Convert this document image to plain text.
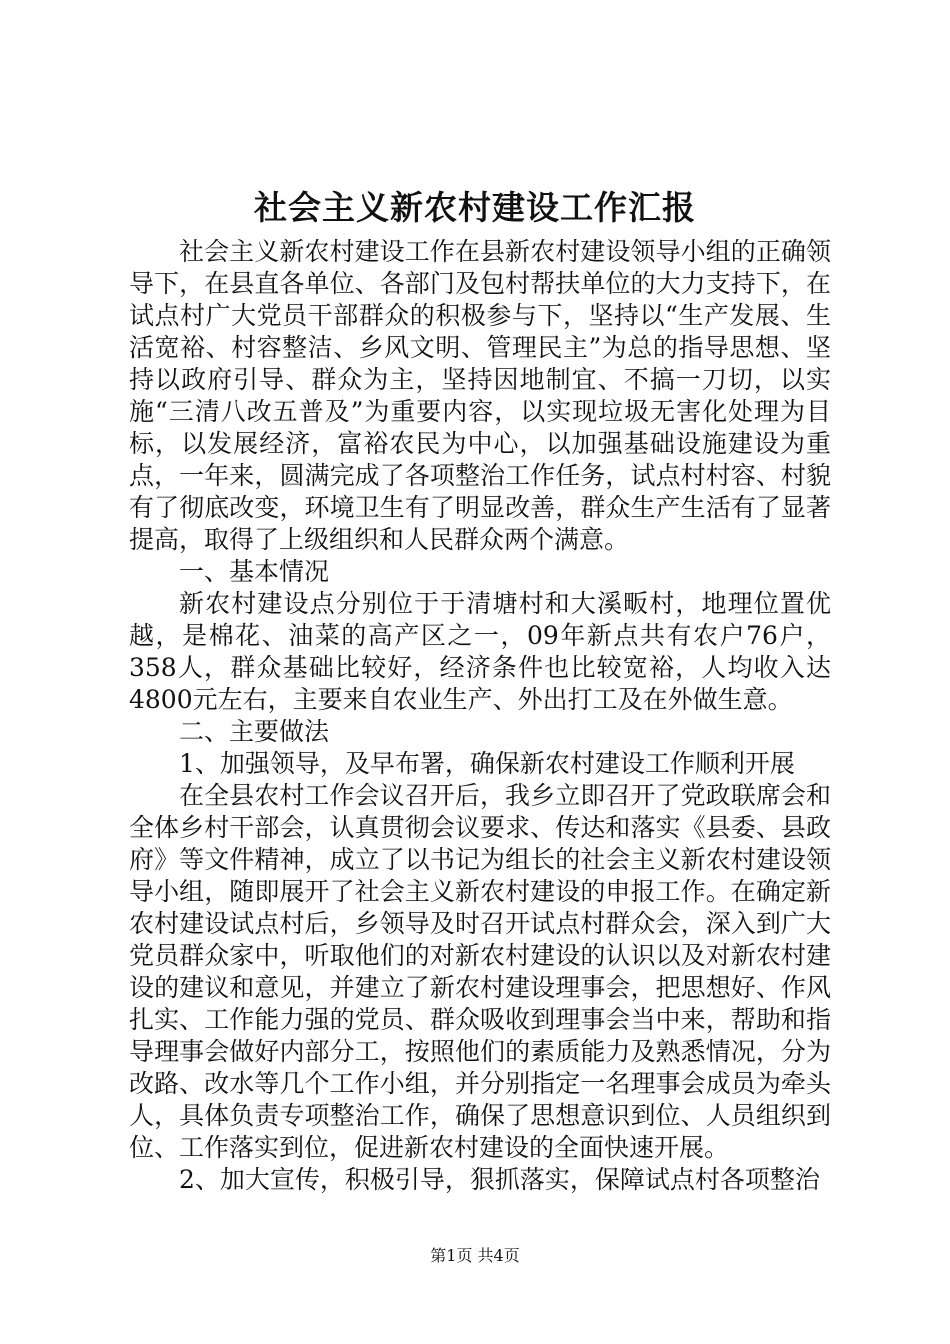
社会主义新农村建设工作汇报

社会主义新农村建设工作在县新农村建设领导小组的正确领导下，在县直各单位、各部门及包村帮扶单位的大力支持下，在试点村广大党员干部群众的积极参与下，坚持以“生产发展、生活宽裕、村容整洁、乡风文明、管理民主”为总的指导思想、坚持以政府引导、群众为主，坚持因地制宜、不搞一刀切，以实施“三清八改五普及”为重要内容，以实现垃圾无害化处理为目标，以发展经济，富裕农民为中心，以加强基础设施建设为重点，一年来，圆满完成了各项整治工作任务，试点村村容、村貌有了彻底改变，环境卫生有了明显改善，群众生产生活有了显著提高，取得了上级组织和人民群众两个满意。

一、基本情况

新农村建设点分别位于于清塘村和大溪畈村，地理位置优越，是棉花、油菜的高产区之一，09年新点共有农户76户，358人，群众基础比较好，经济条件也比较宽裕，人均收入达4800元左右，主要来自农业生产、外出打工及在外做生意。

二、主要做法

1、加强领导，及早布署，确保新农村建设工作顺利开展

在全县农村工作会议召开后，我乡立即召开了党政联席会和全体乡村干部会，认真贯彻会议要求、传达和落实《县委、县政府》等文件精神，成立了以书记为组长的社会主义新农村建设领导小组，随即展开了社会主义新农村建设的申报工作。在确定新农村建设试点村后，乡领导及时召开试点村群众会，深入到广大党员群众家中，听取他们的对新农村建设的认识以及对新农村建设的建议和意见，并建立了新农村建设理事会，把思想好、作风扎实、工作能力强的党员、群众吸收到理事会当中来，帮助和指导理事会做好内部分工，按照他们的素质能力及熟悉情况，分为改路、改水等几个工作小组，并分别指定一名理事会成员为牵头人，具体负责专项整治工作，确保了思想意识到位、人员组织到位、工作落实到位，促进新农村建设的全面快速开展。

2、加大宣传，积极引导，狠抓落实，保障试点村各项整治

第1页 共4页
